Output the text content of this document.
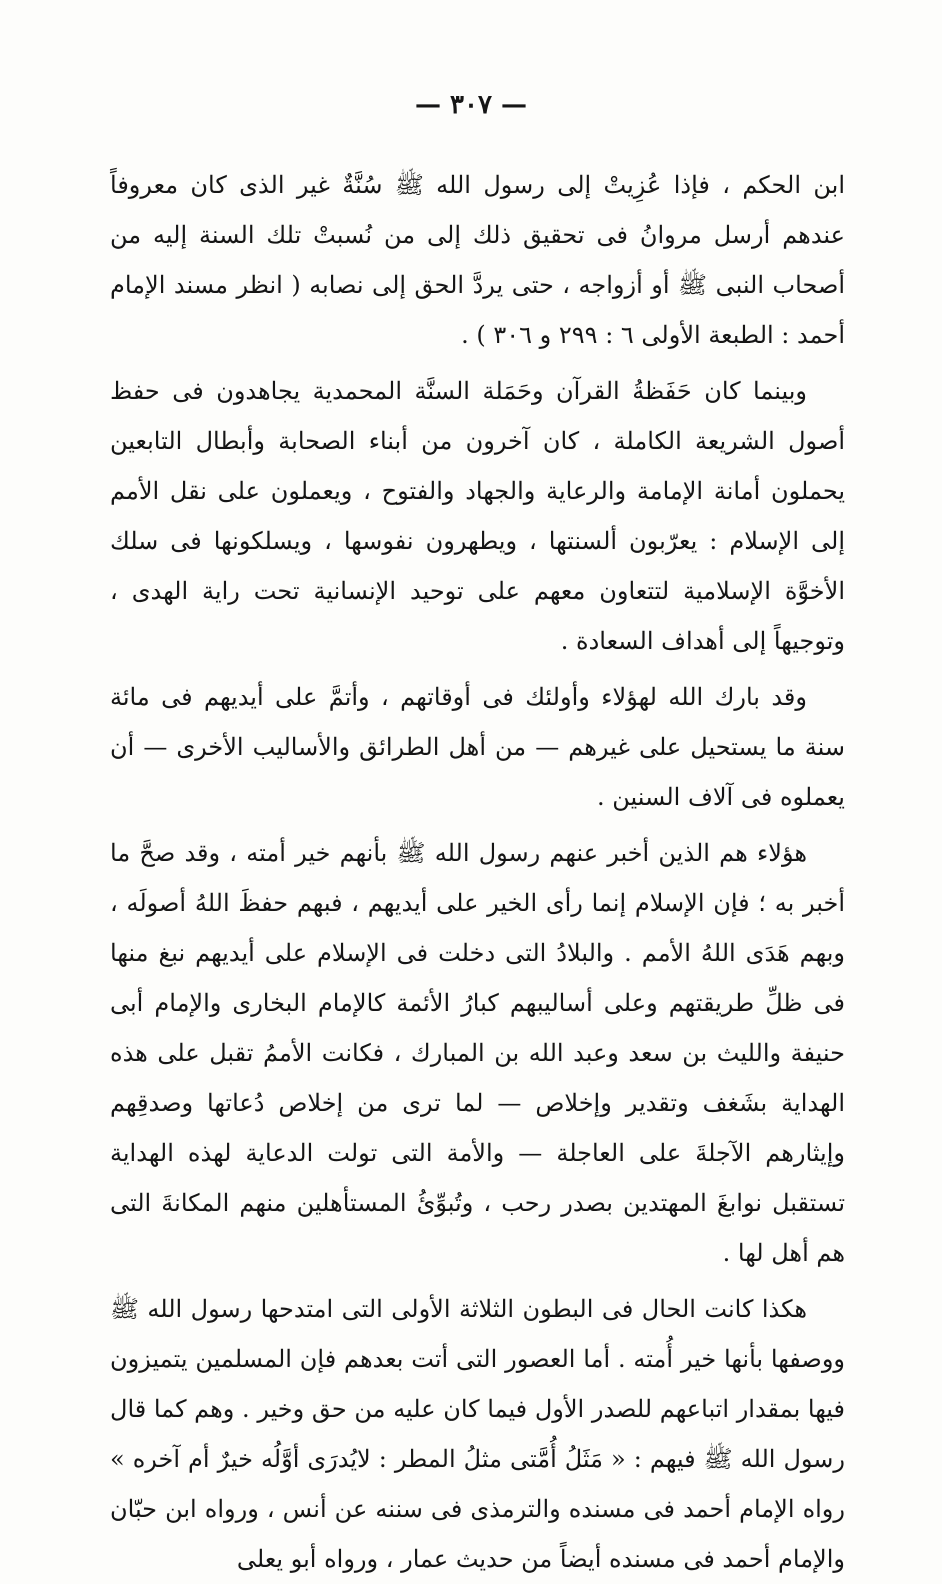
— ٣٠٧ —

ابن الحكم ، فإذا عُزِيتْ إلى رسول الله ﷺ سُنَّةٌ غير الذى كان معروفاً عندهم أرسل مروانُ فى تحقيق ذلك إلى من نُسبتْ تلك السنة إليه من أصحاب النبى ﷺ أو أزواجه ، حتى يردَّ الحق إلى نصابه ( انظر مسند الإمام أحمد : الطبعة الأولى ٦ : ٢٩٩ و ٣٠٦ ) .

وبينما كان حَفَظةُ القرآن وحَمَلة السنَّة المحمدية يجاهدون فى حفظ أصول الشريعة الكاملة ، كان آخرون من أبناء الصحابة وأبطال التابعين يحملون أمانة الإمامة والرعاية والجهاد والفتوح ، ويعملون على نقل الأمم إلى الإسلام : يعرّبون ألسنتها ، ويطهرون نفوسها ، ويسلكونها فى سلك الأخوَّة الإسلامية لتتعاون معهم على توحيد الإنسانية تحت راية الهدى ، وتوجيهاً إلى أهداف السعادة .

وقد بارك الله لهؤلاء وأولئك فى أوقاتهم ، وأتمَّ على أيديهم فى مائة سنة ما يستحيل على غيرهم — من أهل الطرائق والأساليب الأخرى — أن يعملوه فى آلاف السنين .

هؤلاء هم الذين أخبر عنهم رسول الله ﷺ بأنهم خير أمته ، وقد صحَّ ما أخبر به ؛ فإن الإسلام إنما رأى الخير على أيديهم ، فبهم حفظَ اللهُ أصولَه ، وبهم هَدَى اللهُ الأمم . والبلادُ التى دخلت فى الإسلام على أيديهم نبغ منها فى ظلِّ طريقتهم وعلى أساليبهم كبارُ الأئمة كالإمام البخارى والإمام أبى حنيفة والليث بن سعد وعبد الله بن المبارك ، فكانت الأممُ تقبل على هذه الهداية بشَغف وتقدير وإخلاص — لما ترى من إخلاص دُعاتها وصدقِهم وإيثارهم الآجلةَ على العاجلة — والأمة التى تولت الدعاية لهذه الهداية تستقبل نوابغَ المهتدين بصدر رحب ، وتُبوِّئُ المستأهلين منهم المكانةَ التى هم أهل لها .

هكذا كانت الحال فى البطون الثلاثة الأولى التى امتدحها رسول الله ﷺ ووصفها بأنها خير أُمته . أما العصور التى أتت بعدهم فإن المسلمين يتميزون فيها بمقدار اتباعهم للصدر الأول فيما كان عليه من حق وخير . وهم كما قال رسول الله ﷺ فيهم : « مَثَلُ أُمَّتى مثلُ المطر : لايُدرَى أوَّلُه خيرٌ أم آخره » رواه الإمام أحمد فى مسنده والترمذى فى سننه عن أنس ، ورواه ابن حبّان والإمام أحمد فى مسنده أيضاً من حديث عمار ، ورواه أبو يعلى
